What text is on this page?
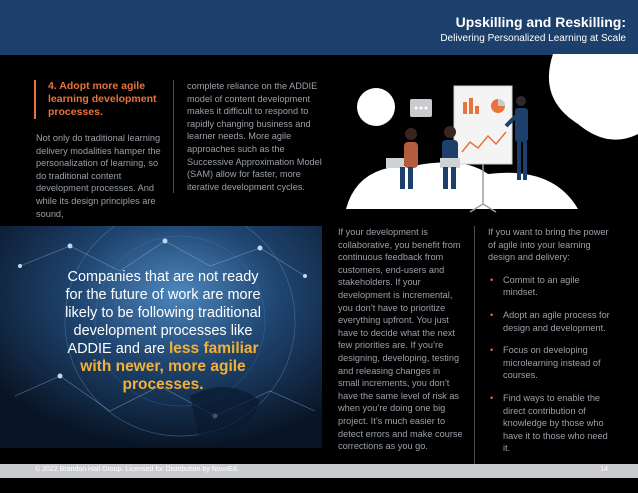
Upskilling and Reskilling:
Delivering Personalized Learning at Scale
4. Adopt more agile learning development processes.
Not only do traditional learning delivery modalities hamper the personalization of learning, so do traditional content development processes. And while its design principles are sound,
complete reliance on the ADDIE model of content development makes it difficult to respond to rapidly changing business and learner needs. More agile approaches such as the Successive Approximation Model (SAM) allow for faster, more iterative development cycles.
Companies that are not ready for the future of work are more likely to be following traditional development processes like ADDIE and are less familiar with newer, more agile processes.
If your development is collaborative, you benefit from continuous feedback from customers, end-users and stakeholders. If your development is incremental, you don’t have to prioritize everything upfront. You just have to decide what the next few priorities are. If you’re designing, developing, testing and releasing changes in small increments, you don’t have the same level of risk as when you’re doing one big project. It’s much easier to detect errors and make course corrections as you go.
If you want to bring the power of agile into your learning design and delivery:
• Commit to an agile mindset.
• Adopt an agile process for design and development.
• Focus on developing microlearning instead of courses.
• Find ways to enable the direct contribution of knowledge by those who have it to those who need it.
© 2022 Brandon Hall Group. Licensed for Distribution by NovoEd.	14
